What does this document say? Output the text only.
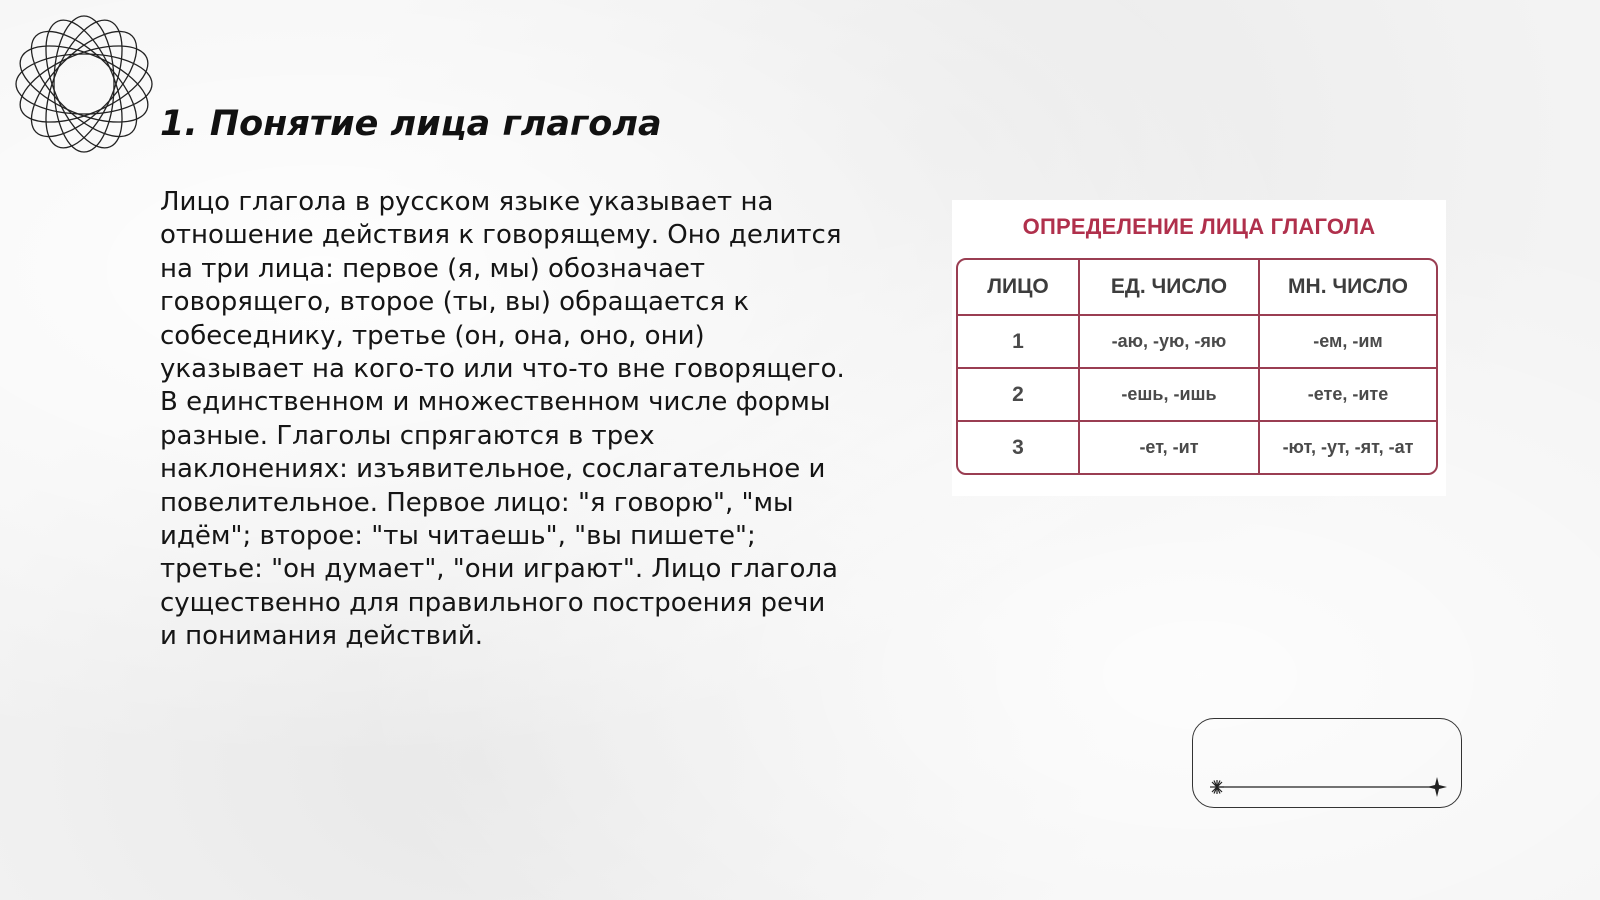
1. Понятие лица глагола

Лицо глагола в русском языке указывает на отношение действия к говорящему. Оно делится на три лица: первое (я, мы) обозначает говорящего, второе (ты, вы) обращается к собеседнику, третье (он, она, оно, они) указывает на кого-то или что-то вне говорящего. В единственном и множественном числе формы разные. Глаголы спрягаются в трех наклонениях: изъявительное, сослагательное и повелительное. Первое лицо: "я говорю", "мы идём"; второе: "ты читаешь", "вы пишете"; третье: "он думает", "они играют". Лицо глагола существенно для правильного построения речи и понимания действий.

ОПРЕДЕЛЕНИЕ ЛИЦА ГЛАГОЛА
ЛИЦО	ЕД. ЧИСЛО	МН. ЧИСЛО
1	-аю, -ую, -яю	-ем, -им
2	-ешь, -ишь	-ете, -ите
3	-ет, -ит	-ют, -ут, -ят, -ат
